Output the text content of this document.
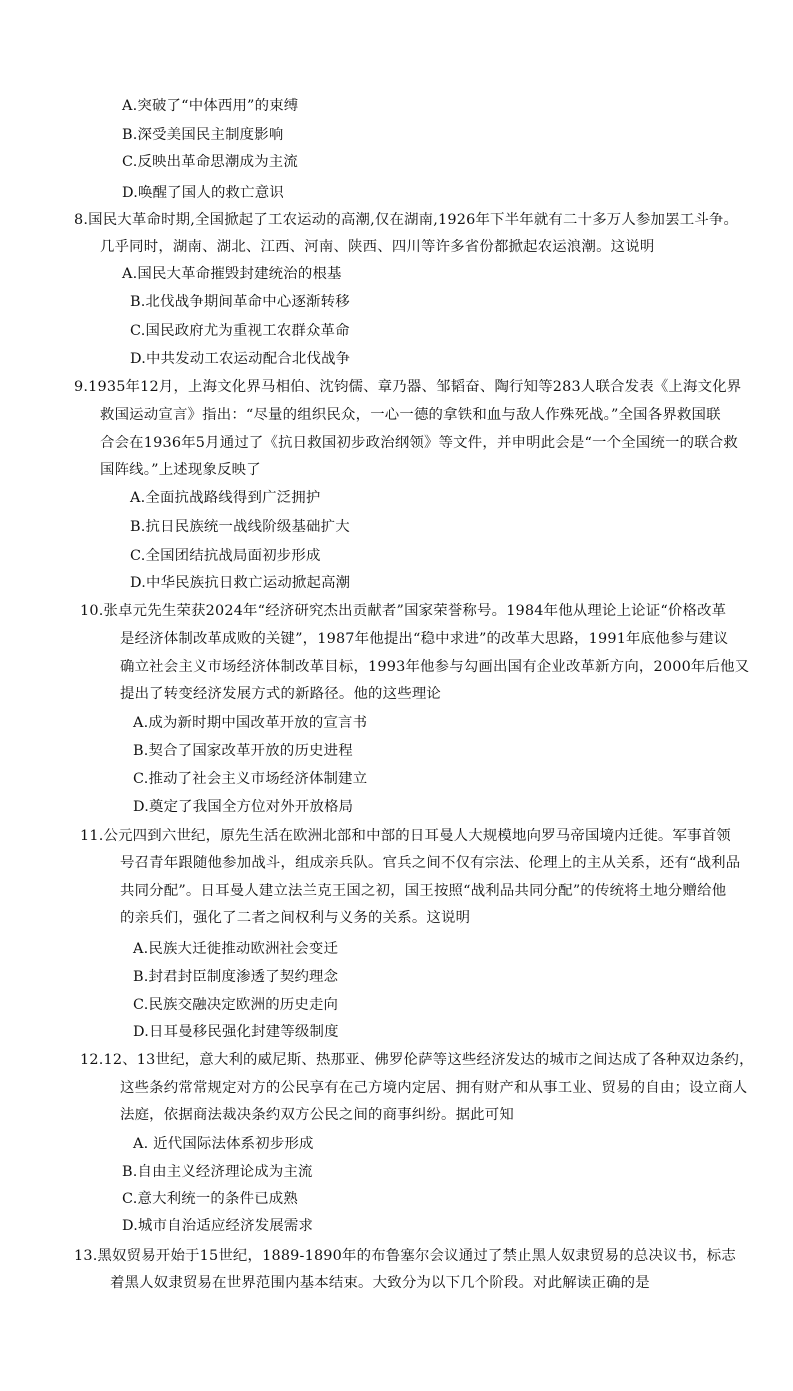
A.突破了“中体西用”的束缚
B.深受美国民主制度影响
C.反映出革命思潮成为主流
D.唤醒了国人的救亡意识
8.国民大革命时期,全国掀起了工农运动的高潮,仅在湖南,1926年下半年就有二十多万人参加罢工斗争。
几乎同时，湖南、湖北、江西、河南、陕西、四川等许多省份都掀起农运浪潮。这说明
A.国民大革命摧毁封建统治的根基
B.北伐战争期间革命中心逐渐转移
C.国民政府尤为重视工农群众革命
D.中共发动工农运动配合北伐战争
9.1935年12月，上海文化界马相伯、沈钧儒、章乃器、邹韬奋、陶行知等283人联合发表《上海文化界
救国运动宣言》指出：“尽量的组织民众，一心一德的拿铁和血与敌人作殊死战。”全国各界救国联
合会在1936年5月通过了《抗日救国初步政治纲领》等文件，并申明此会是“一个全国统一的联合救
国阵线。”上述现象反映了
A.全面抗战路线得到广泛拥护
B.抗日民族统一战线阶级基础扩大
C.全国团结抗战局面初步形成
D.中华民族抗日救亡运动掀起高潮
10.张卓元先生荣获2024年“经济研究杰出贡献者”国家荣誉称号。1984年他从理论上论证“价格改革
是经济体制改革成败的关键”，1987年他提出“稳中求进”的改革大思路，1991年底他参与建议
确立社会主义市场经济体制改革目标，1993年他参与勾画出国有企业改革新方向，2000年后他又
提出了转变经济发展方式的新路径。他的这些理论
A.成为新时期中国改革开放的宣言书
B.契合了国家改革开放的历史进程
C.推动了社会主义市场经济体制建立
D.奠定了我国全方位对外开放格局
11.公元四到六世纪，原先生活在欧洲北部和中部的日耳曼人大规模地向罗马帝国境内迁徙。军事首领
号召青年跟随他参加战斗，组成亲兵队。官兵之间不仅有宗法、伦理上的主从关系，还有“战利品
共同分配”。日耳曼人建立法兰克王国之初，国王按照“战利品共同分配”的传统将土地分赠给他
的亲兵们，强化了二者之间权利与义务的关系。这说明
A.民族大迁徙推动欧洲社会变迁
B.封君封臣制度渗透了契约理念
C.民族交融决定欧洲的历史走向
D.日耳曼移民强化封建等级制度
12.12、13世纪，意大利的威尼斯、热那亚、佛罗伦萨等这些经济发达的城市之间达成了各种双边条约，
这些条约常常规定对方的公民享有在己方境内定居、拥有财产和从事工业、贸易的自由；设立商人
法庭，依据商法裁决条约双方公民之间的商事纠纷。据此可知
A. 近代国际法体系初步形成
B.自由主义经济理论成为主流
C.意大利统一的条件已成熟
D.城市自治适应经济发展需求
13.黑奴贸易开始于15世纪，1889-1890年的布鲁塞尔会议通过了禁止黑人奴隶贸易的总决议书，标志
着黑人奴隶贸易在世界范围内基本结束。大致分为以下几个阶段。对此解读正确的是
